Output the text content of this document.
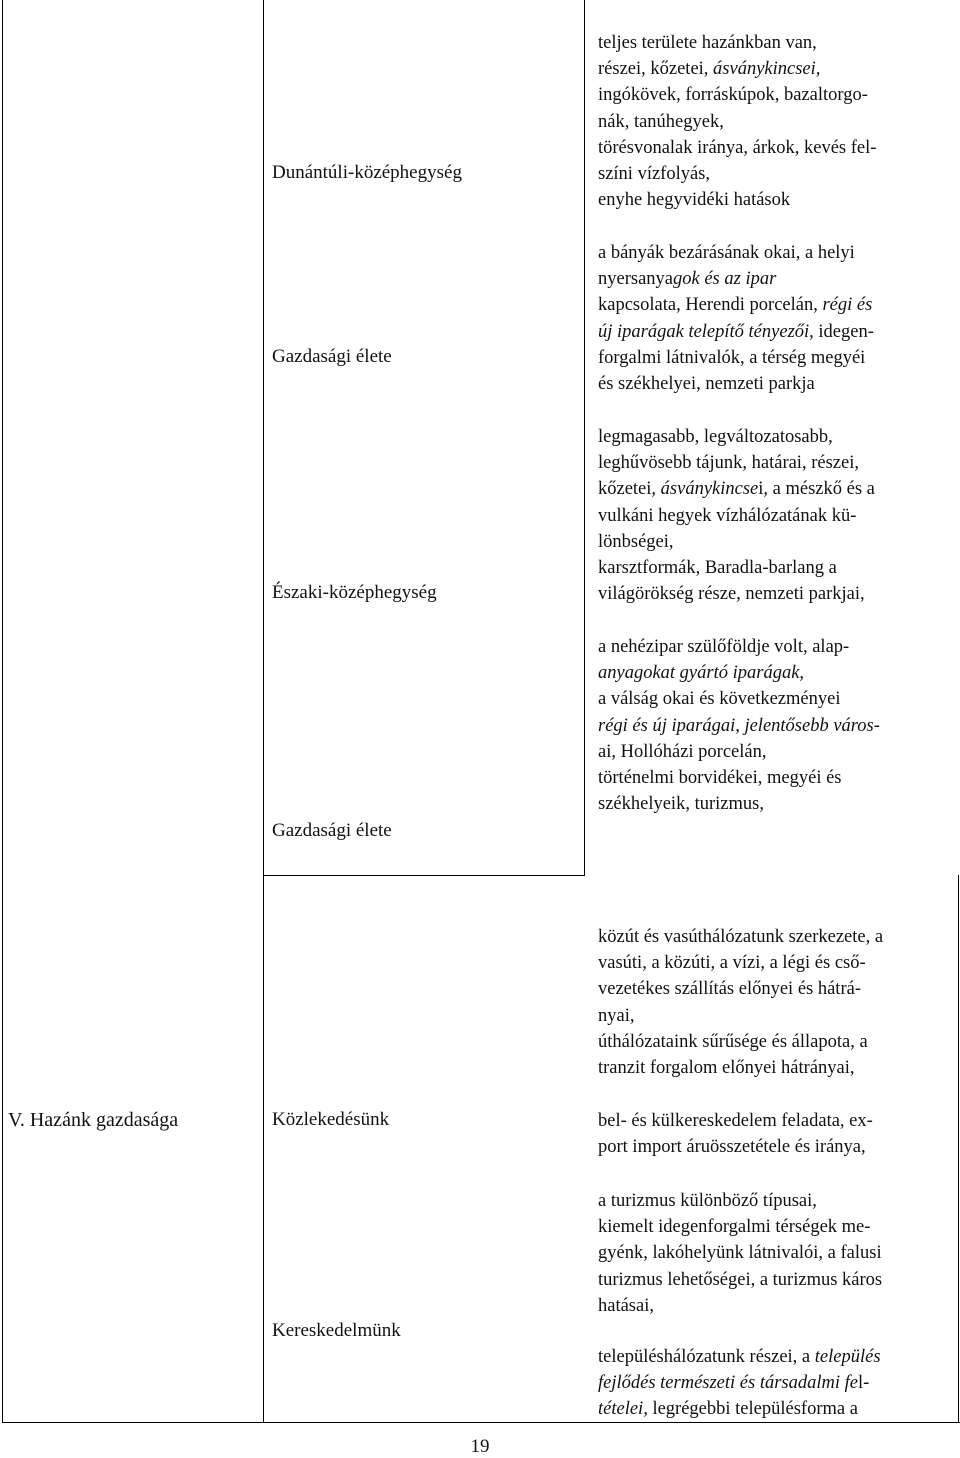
Dunántúli-középhegység

teljes területe hazánkban van,

részei, kőzetei, ásványkincsei,

ingókövek, forráskúpok, bazaltorgo-

nák, tanúhegyek,

törésvonalak iránya, árkok, kevés fel-

színi vízfolyás,

enyhe hegyvidéki hatások

Gazdasági élete

a bányák bezárásának okai, a helyi

nyersanyagok és az ipar

kapcsolata, Herendi porcelán, régi és

új iparágak telepítő tényezői, idegen-

forgalmi látnivalók, a térség megyéi

és székhelyei, nemzeti parkja

Északi-középhegység

legmagasabb, legváltozatosabb,

leghűvösebb tájunk, határai, részei,

kőzetei, ásványkincsei, a mészkő és a

vulkáni hegyek vízhálózatának kü-

lönbségei,

karsztformák, Baradla-barlang a

világörökség része, nemzeti parkjai,

Gazdasági élete

a nehézipar szülőföldje volt, alap-

anyagokat gyártó iparágak,

a válság okai és következményei

régi és új iparágai, jelentősebb város-

ai, Hollóházi porcelán,

történelmi borvidékei, megyéi és

székhelyeik, turizmus,

V. Hazánk gazdasága	Közlekedésünk

közút és vasúthálózatunk szerkezete, a

vasúti, a közúti, a vízi, a légi és cső-

vezetékes szállítás előnyei és hátrá-

nyai,

úthálózataink sűrűsége és állapota, a

tranzit forgalom előnyei hátrányai,

bel- és külkereskedelem feladata, ex-

port import áruösszetétele és iránya,

Kereskedelmünk

a turizmus különböző típusai,

kiemelt idegenforgalmi térségek me-

gyénk, lakóhelyünk látnivalói, a falusi

turizmus lehetőségei, a turizmus káros

hatásai,

településhálózatunk részei, a település

fejlődés természeti és társadalmi fel-

tételei, legrégebbi településforma a

19
